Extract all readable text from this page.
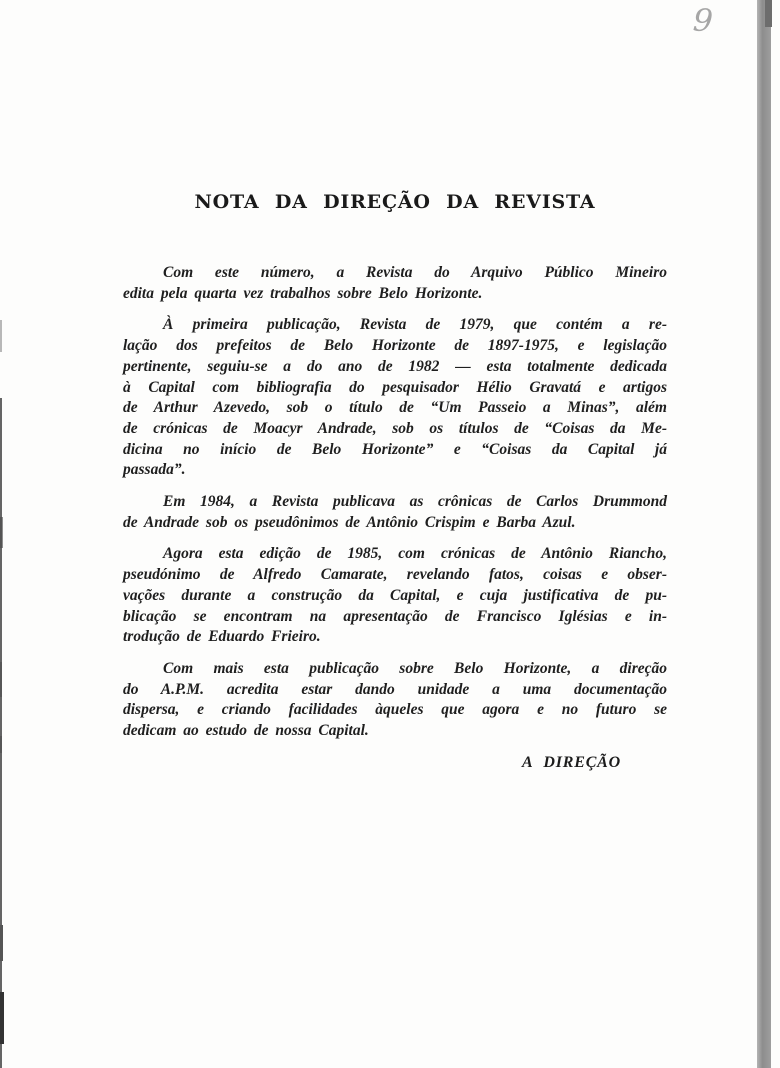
9
NOTA DA DIREÇÃO DA REVISTA

Com este número, a Revista do Arquivo Público Mineiro
edita pela quarta vez trabalhos sobre Belo Horizonte.

À primeira publicação, Revista de 1979, que contém a re-
lação dos prefeitos de Belo Horizonte de 1897-1975, e legislação
pertinente, seguiu-se a do ano de 1982 — esta totalmente dedicada
à Capital com bibliografia do pesquisador Hélio Gravatá e artigos
de Arthur Azevedo, sob o título de “Um Passeio a Minas”, além
de crónicas de Moacyr Andrade, sob os títulos de “Coisas da Me-
dicina no início de Belo Horizonte” e “Coisas da Capital já
passada”.

Em 1984, a Revista publicava as crônicas de Carlos Drummond
de Andrade sob os pseudônimos de Antônio Crispim e Barba Azul.

Agora esta edição de 1985, com crónicas de Antônio Riancho,
pseudónimo de Alfredo Camarate, revelando fatos, coisas e obser-
vações durante a construção da Capital, e cuja justificativa de pu-
blicação se encontram na apresentação de Francisco Iglésias e in-
trodução de Eduardo Frieiro.

Com mais esta publicação sobre Belo Horizonte, a direção
do A.P.M. acredita estar dando unidade a uma documentação
dispersa, e criando facilidades àqueles que agora e no futuro se
dedicam ao estudo de nossa Capital.

A DIREÇÃO
